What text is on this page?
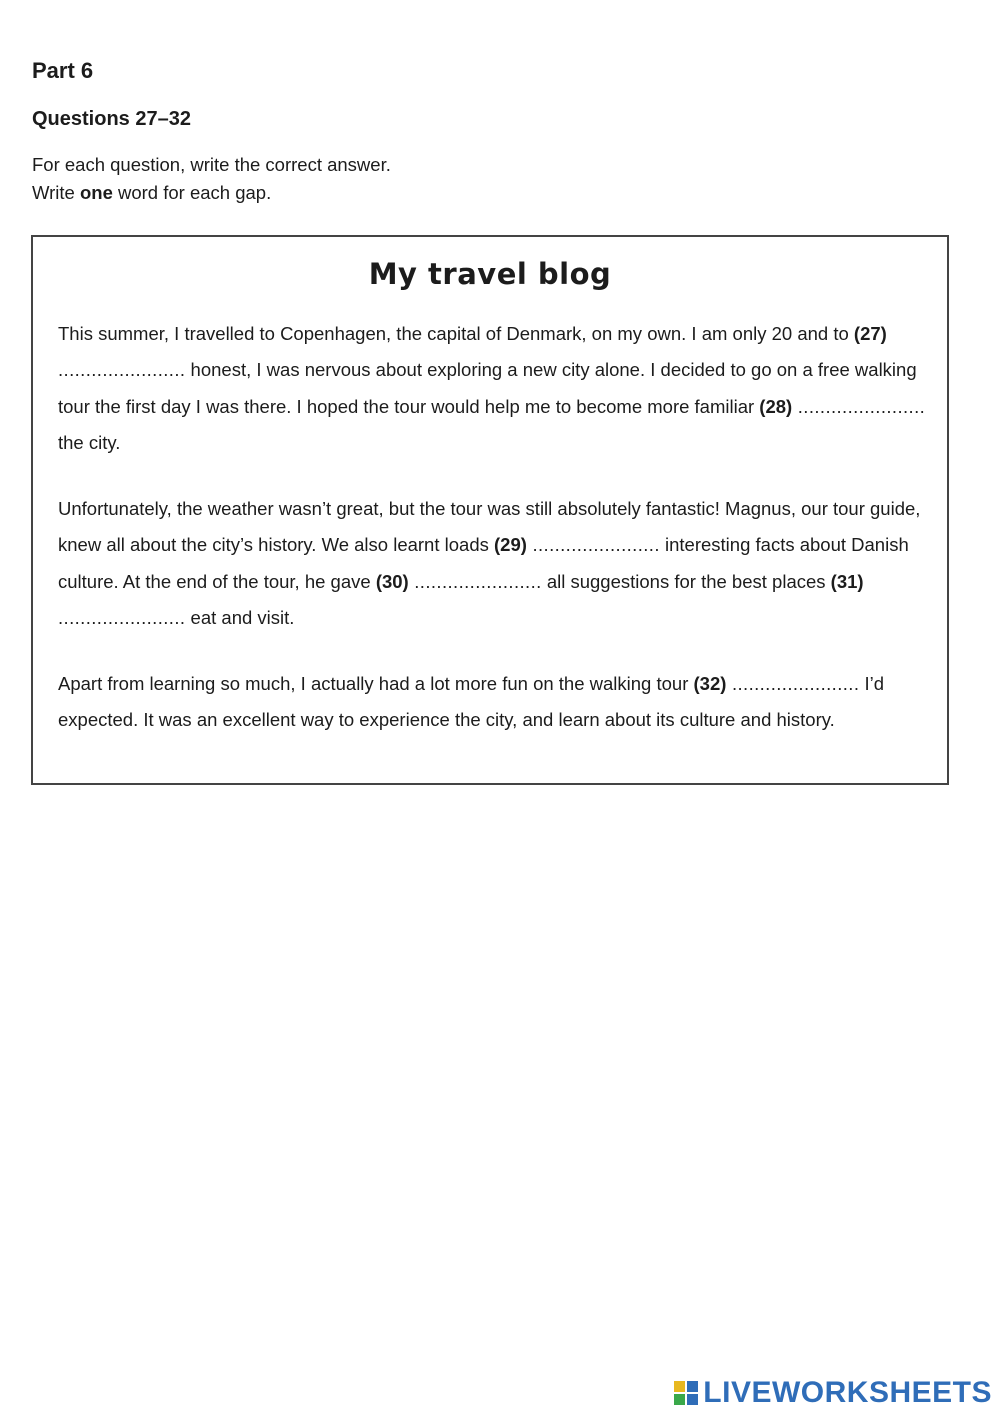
Part 6
Questions 27–32

For each question, write the correct answer.

Write one word for each gap.

My travel blog

This summer, I travelled to Copenhagen, the capital of Denmark, on my own. I am only 20 and to (27) ....................... honest, I was nervous about exploring a new city alone. I decided to go on a free walking tour the first day I was there. I hoped the tour would help me to become more familiar (28) ....................... the city.

Unfortunately, the weather wasn’t great, but the tour was still absolutely fantastic! Magnus, our tour guide, knew all about the city’s history. We also learnt loads (29) ....................... interesting facts about Danish culture. At the end of the tour, he gave (30) ....................... all suggestions for the best places (31) ....................... eat and visit.

Apart from learning so much, I actually had a lot more fun on the walking tour (32) ....................... I’d expected. It was an excellent way to experience the city, and learn about its culture and history.

LIVEWORKSHEETS
